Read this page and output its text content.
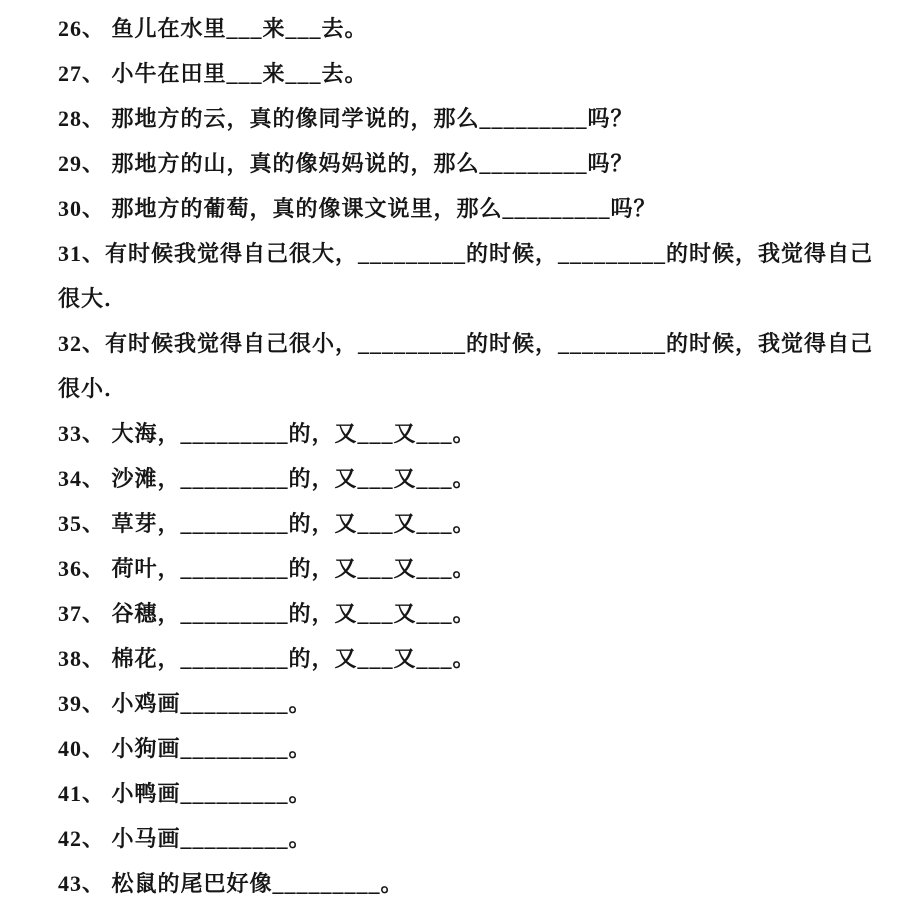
26、 鱼儿在水里___来___去。

27、 小牛在田里___来___去。

28、 那地方的云，真的像同学说的，那么_________吗？

29、 那地方的山，真的像妈妈说的，那么_________吗？

30、 那地方的葡萄，真的像课文说里，那么_________吗？

31、有时候我觉得自己很大，_________的时候，_________的时候，我觉得自己很大．

32、有时候我觉得自己很小，_________的时候，_________的时候，我觉得自己很小．

33、 大海，_________的，又___又___。

34、 沙滩，_________的，又___又___。

35、 草芽，_________的，又___又___。

36、 荷叶，_________的，又___又___。

37、 谷穗，_________的，又___又___。

38、 棉花，_________的，又___又___。

39、 小鸡画_________。

40、 小狗画_________。

41、 小鸭画_________。

42、 小马画_________。

43、 松鼠的尾巴好像_________。
